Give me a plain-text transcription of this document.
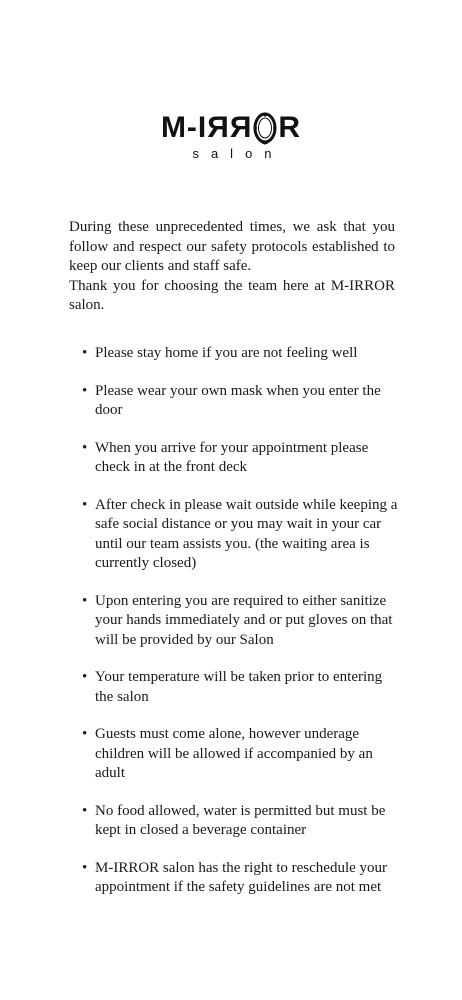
M-I ЯЯ R
salon

During these unprecedented times, we ask that you follow and respect our safety protocols established to keep our clients and staff safe.

Thank you for choosing the team here at M-IRROR salon.

• Please stay home if you are not feeling well
• Please wear your own mask when you enter the door
• When you arrive for your appointment please check in at the front deck
• After check in please wait outside while keeping a safe social distance or you may wait in your car until our team assists you. (the waiting area is currently closed)
• Upon entering you are required to either sanitize your hands immediately and or put gloves on that will be provided by our Salon
• Your temperature will be taken prior to entering the salon
• Guests must come alone, however underage children will be allowed if accompanied by an adult
• No food allowed, water is permitted but must be kept in closed a beverage container
• M-IRROR salon has the right to reschedule your appointment if the safety guidelines are not met
